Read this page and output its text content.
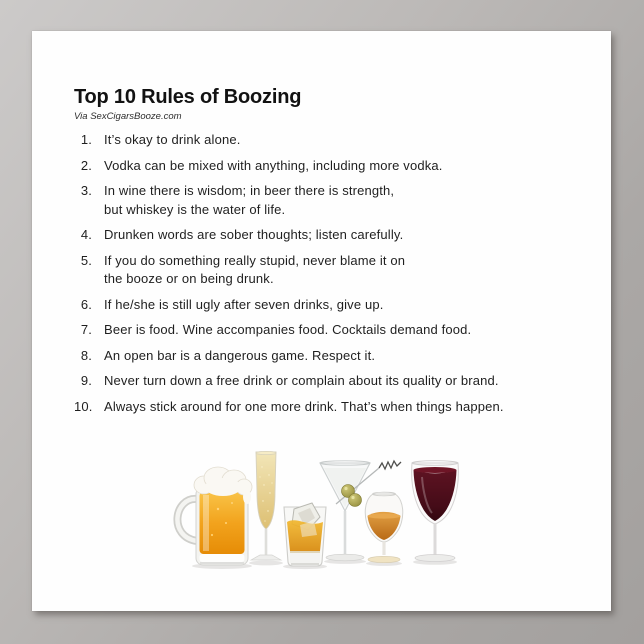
Top 10 Rules of Boozing
Via SexCigarsBooze.com
1. It’s okay to drink alone.
2. Vodka can be mixed with anything, including more vodka.
3. In wine there is wisdom; in beer there is strength,
but whiskey is the water of life.
4. Drunken words are sober thoughts; listen carefully.
5. If you do something really stupid, never blame it on
the booze or on being drunk.
6. If he/she is still ugly after seven drinks, give up.
7. Beer is food. Wine accompanies food. Cocktails demand food.
8. An open bar is a dangerous game. Respect it.
9. Never turn down a free drink or complain about its quality or brand.
10. Always stick around for one more drink. That’s when things happen.
